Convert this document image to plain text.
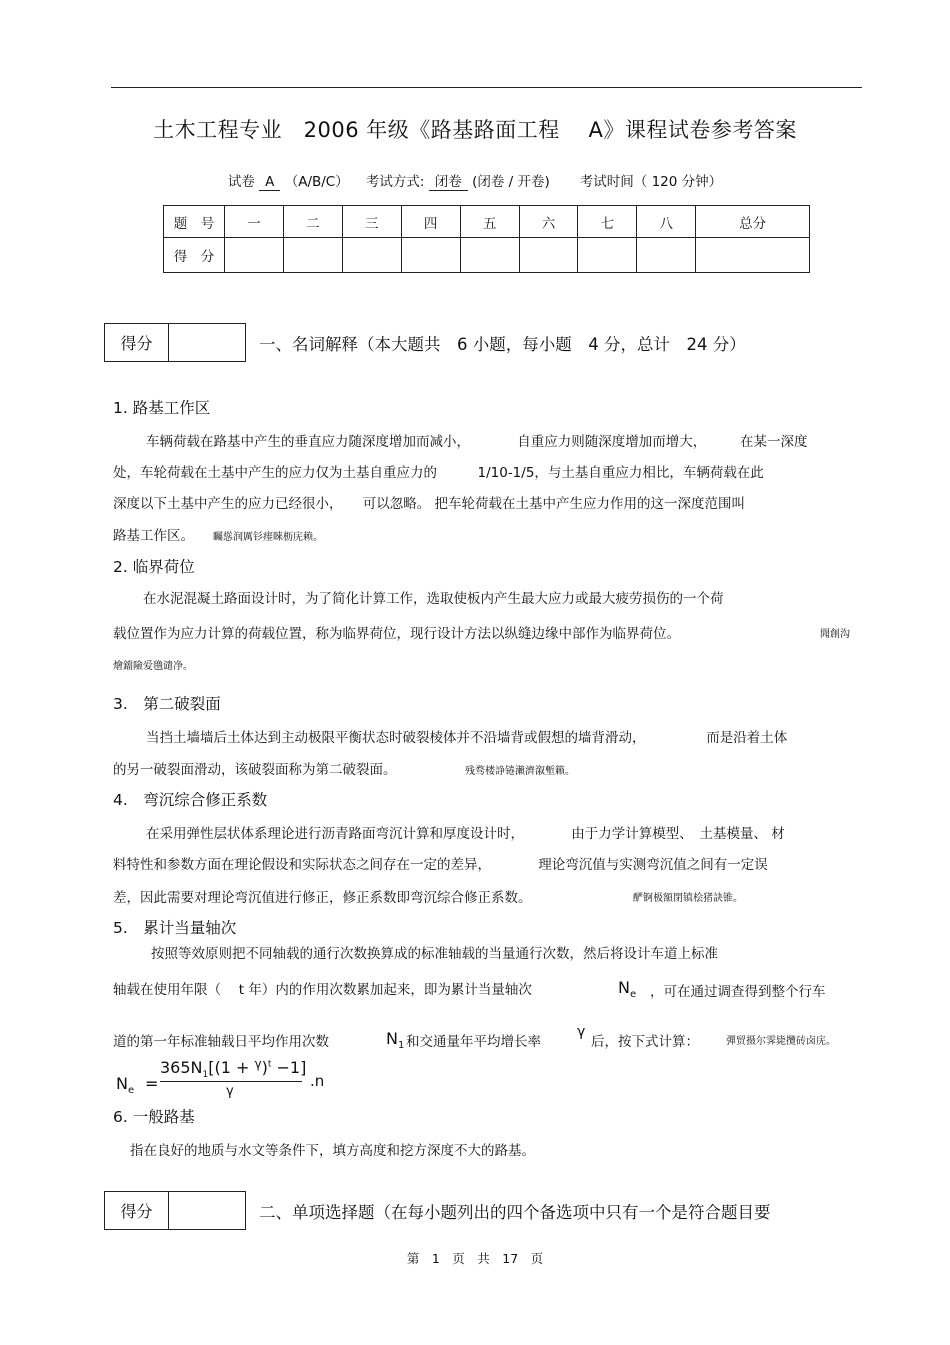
土木工程专业　2006 年级《路基路面工程　 A》课程试卷参考答案
试卷 A （A/B/C） 考试方式: 闭卷 (闭卷 / 开卷) 考试时间（ 120 分钟）
题　号	一	二	三	四	五	六	七	八	总分
得　分									
得分	一、名词解释（本大题共　6 小题，每小题　4 分，总计　24 分）
1. 路基工作区
车辆荷载在路基中产生的垂直应力随深度增加而减小，　　　　自重应力则随深度增加而增大，　　　在某一深度
处，车轮荷载在土基中产生的应力仅为土基自重应力的　　　1/10-1/5，与土基自重应力相比，车辆荷载在此
深度以下土基中产生的应力已经很小，　　可以忽略。 把车轮荷载在土基中产生应力作用的这一深度范围叫
路基工作区。 矚慫润厲钐瘗睞枥庑赖。
2. 临界荷位
在水泥混凝土路面设计时，为了简化计算工作，选取使板内产生最大应力或最大疲劳损伤的一个荷
载位置作为应力计算的荷载位置，称为临界荷位，现行设计方法以纵缝边缘中部作为临界荷位。	聞創沟
燴鐺險爱氇谴净。
3.　第二破裂面
当挡土墙墙后土体达到主动极限平衡状态时破裂棱体并不沿墙背或假想的墙背滑动，　　　　　而是沿着土体
的另一破裂面滑动，该破裂面称为第二破裂面。	残骛楼諍锩瀨濟溆塹籟。
4.　弯沉综合修正系数
在采用弹性层状体系理论进行沥青路面弯沉计算和厚度设计时，　　　　由于力学计算模型、　土基模量、 材
料特性和参数方面在理论假设和实际状态之间存在一定的差异，　　　　理论弯沉值与实测弯沉值之间有一定误
差，因此需要对理论弯沉值进行修正，修正系数即弯沉综合修正系数。	酽锕极額閉镇桧猪訣锥。
5.　累计当量轴次
按照等效原则把不同轴载的通行次数换算成的标准轴载的当量通行次数，然后将设计车道上标准
轴载在使用年限（　 t 年）内的作用次数累加起来，即为累计当量轴次	$N_e$ ，可在通过调查得到整个行车
道的第一年标准轴载日平均作用次数	$N_1$ 和交通量年平均增长率
γ
后，按下式计算：	彈贸摄尔霁毙攬砖卤庑。
$N_e$ =
$365N_1[(1 + ^\gamma)^t -1]$
γ
.n
6. 一般路基
指在良好的地质与水文等条件下，填方高度和挖方深度不大的路基。
得分	二、单项选择题（在每小题列出的四个备选项中只有一个是符合题目要
第　1　页　共　17　页
